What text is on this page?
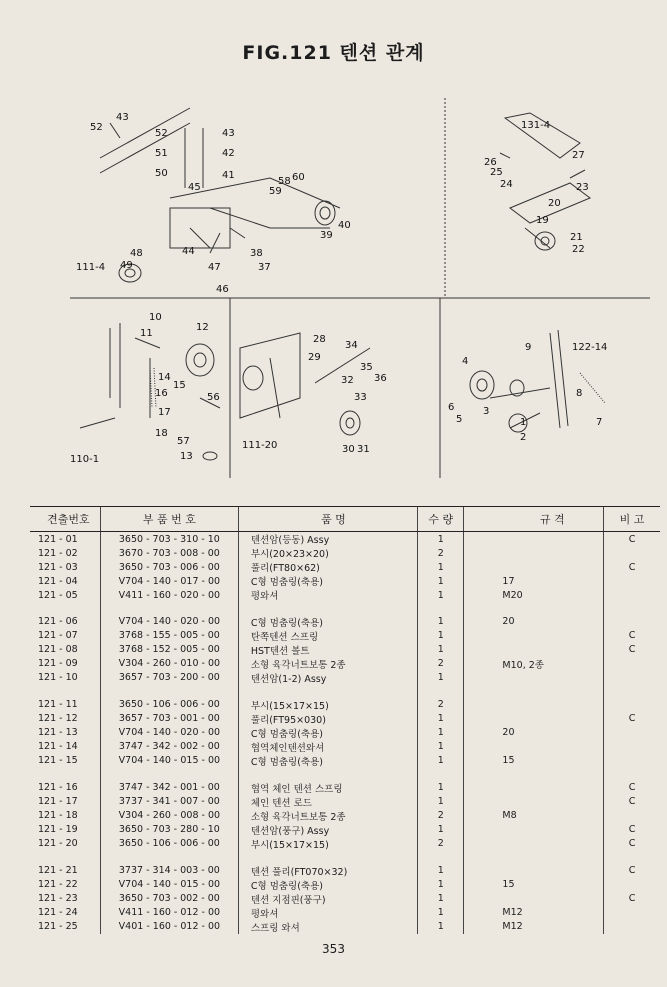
FIG.121 텐션 관계
52
43
52
51
50
45
43
42
41
58 60
59
39
40
38
37
44
47
46
48
49
111-4
131-4
26
25
24
27
23
20
19
21
22
10
11
12
14
16
15
17
18
56
57
13
110-1
28
29
34
35
36
32
33
30 31
111-20
4
9	122-14
6	3
5	1
2
8
7
견출번호	부 품 번 호	품 명	수 량	규 격	비 고
121 - 01	3650 - 703 - 310 - 10	텐션암(등동) Assy	1		C
121 - 02	3670 - 703 - 008 - 00	부시(20×23×20)	2		
121 - 03	3650 - 703 - 006 - 00	풀리(FT80×62)	1		C
121 - 04	V704 - 140 - 017 - 00	C형 멈춤링(축용)	1	17	
121 - 05	V411 - 160 - 020 - 00	평와셔	1	M20	

121 - 06	V704 - 140 - 020 - 00	C형 멈춤링(축용)	1	20	
121 - 07	3768 - 155 - 005 - 00	탄쪽텐션 스프링	1		C
121 - 08	3768 - 152 - 005 - 00	HST텐션 볼트	1		C
121 - 09	V304 - 260 - 010 - 00	소형 육각너트보통 2종	2	M10, 2종	
121 - 10	3657 - 703 - 200 - 00	텐션암(1-2) Assy	1		

121 - 11	3650 - 106 - 006 - 00	부시(15×17×15)	2		
121 - 12	3657 - 703 - 001 - 00	풀리(FT95×030)	1		C
121 - 13	V704 - 140 - 020 - 00	C형 멈춤링(축용)	1	20	
121 - 14	3747 - 342 - 002 - 00	협역체인텐션와셔	1		
121 - 15	V704 - 140 - 015 - 00	C형 멈춤링(축용)	1	15	

121 - 16	3747 - 342 - 001 - 00	협역 체인 텐션 스프링	1		C
121 - 17	3737 - 341 - 007 - 00	체인 텐션 로드	1		C
121 - 18	V304 - 260 - 008 - 00	소형 육각너트보통 2종	2	M8	
121 - 19	3650 - 703 - 280 - 10	텐션암(풍구) Assy	1		C
121 - 20	3650 - 106 - 006 - 00	부시(15×17×15)	2		C

121 - 21	3737 - 314 - 003 - 00	텐션 풀리(FT070×32)	1		C
121 - 22	V704 - 140 - 015 - 00	C형 멈춤링(축용)	1	15	
121 - 23	3650 - 703 - 002 - 00	텐션 지점핀(풍구)	1		C
121 - 24	V411 - 160 - 012 - 00	평와셔	1	M12	
121 - 25	V401 - 160 - 012 - 00	스프링 와셔	1	M12	
353
